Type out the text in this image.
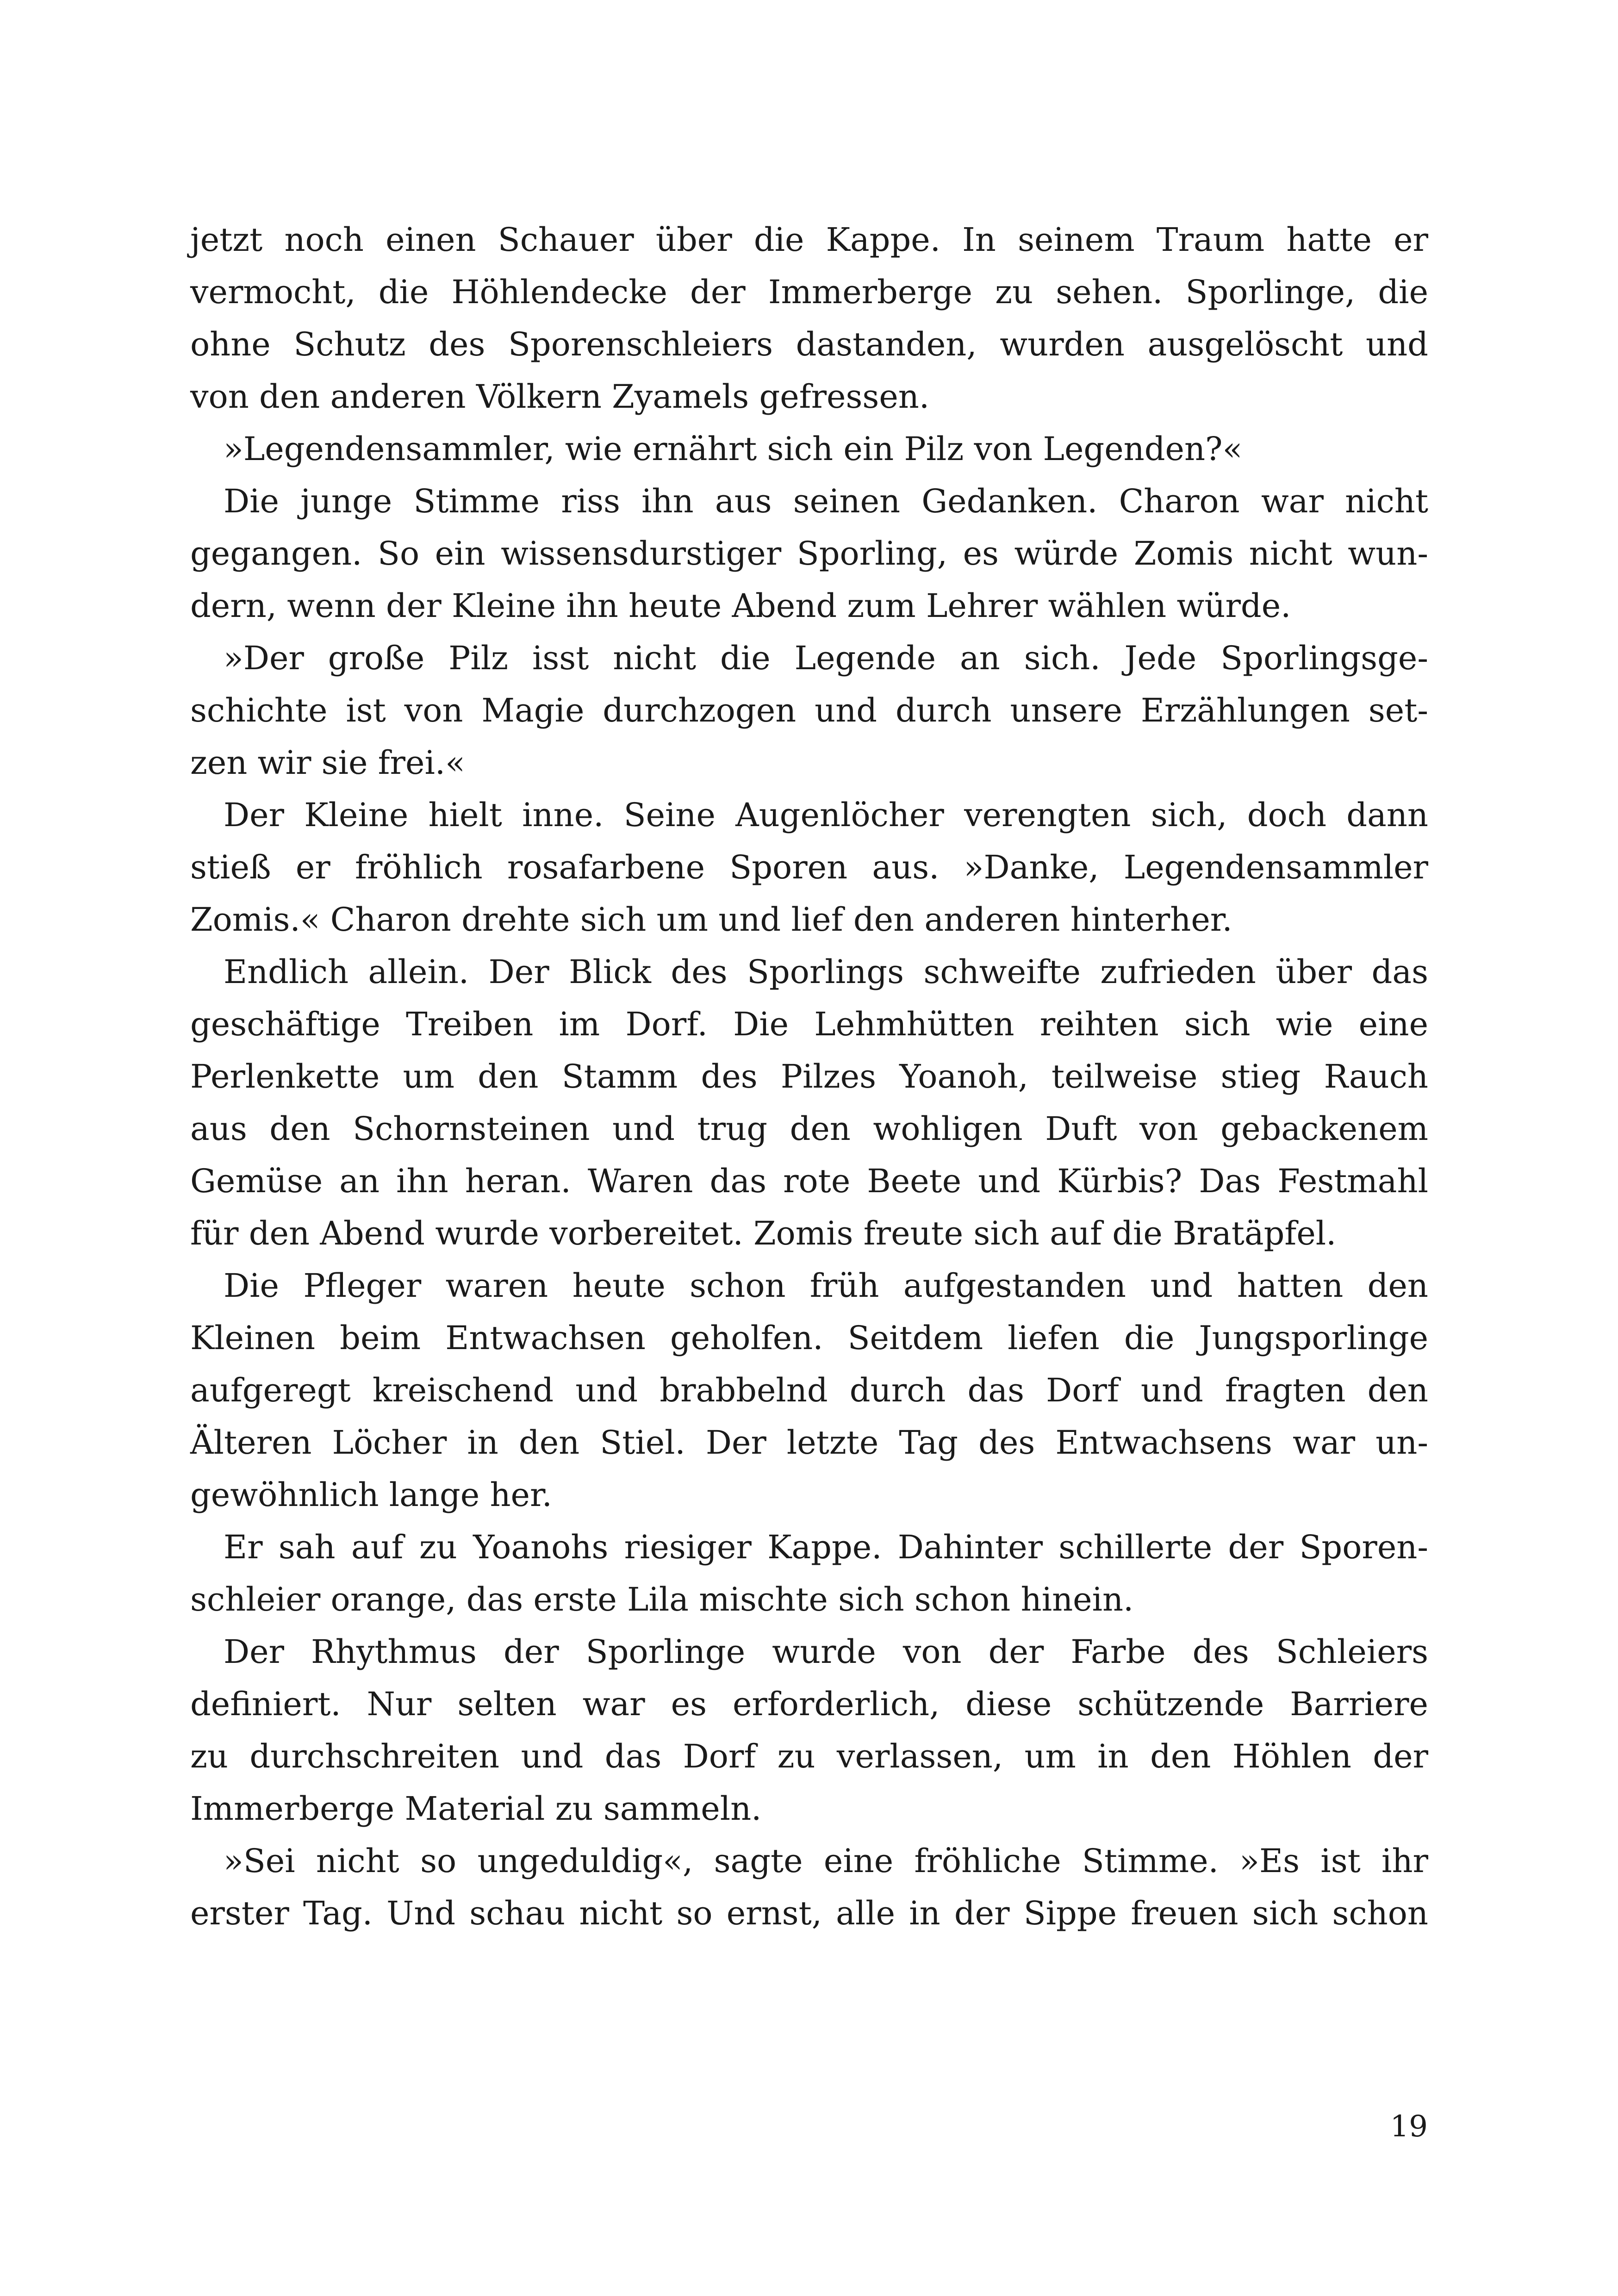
jetzt noch einen Schauer über die Kappe. In seinem Traum hatte er
vermocht, die Höhlendecke der Immerberge zu sehen. Sporlinge, die
ohne Schutz des Sporenschleiers dastanden, wurden ausgelöscht und
von den anderen Völkern Zyamels gefressen.
»Legendensammler, wie ernährt sich ein Pilz von Legenden?«
Die junge Stimme riss ihn aus seinen Gedanken. Charon war nicht
gegangen. So ein wissensdurstiger Sporling, es würde Zomis nicht wun-
dern, wenn der Kleine ihn heute Abend zum Lehrer wählen würde.
»Der große Pilz isst nicht die Legende an sich. Jede Sporlingsge-
schichte ist von Magie durchzogen und durch unsere Erzählungen set-
zen wir sie frei.«
Der Kleine hielt inne. Seine Augenlöcher verengten sich, doch dann
stieß er fröhlich rosafarbene Sporen aus. »Danke, Legendensammler
Zomis.« Charon drehte sich um und lief den anderen hinterher.
Endlich allein. Der Blick des Sporlings schweifte zufrieden über das
geschäftige Treiben im Dorf. Die Lehmhütten reihten sich wie eine
Perlenkette um den Stamm des Pilzes Yoanoh, teilweise stieg Rauch
aus den Schornsteinen und trug den wohligen Duft von gebackenem
Gemüse an ihn heran. Waren das rote Beete und Kürbis? Das Festmahl
für den Abend wurde vorbereitet. Zomis freute sich auf die Bratäpfel.
Die Pfleger waren heute schon früh aufgestanden und hatten den
Kleinen beim Entwachsen geholfen. Seitdem liefen die Jungsporlinge
aufgeregt kreischend und brabbelnd durch das Dorf und fragten den
Älteren Löcher in den Stiel. Der letzte Tag des Entwachsens war un-
gewöhnlich lange her.
Er sah auf zu Yoanohs riesiger Kappe. Dahinter schillerte der Sporen-
schleier orange, das erste Lila mischte sich schon hinein.
Der Rhythmus der Sporlinge wurde von der Farbe des Schleiers
definiert. Nur selten war es erforderlich, diese schützende Barriere
zu durchschreiten und das Dorf zu verlassen, um in den Höhlen der
Immerberge Material zu sammeln.
»Sei nicht so ungeduldig«, sagte eine fröhliche Stimme. »Es ist ihr
erster Tag. Und schau nicht so ernst, alle in der Sippe freuen sich schon
19
